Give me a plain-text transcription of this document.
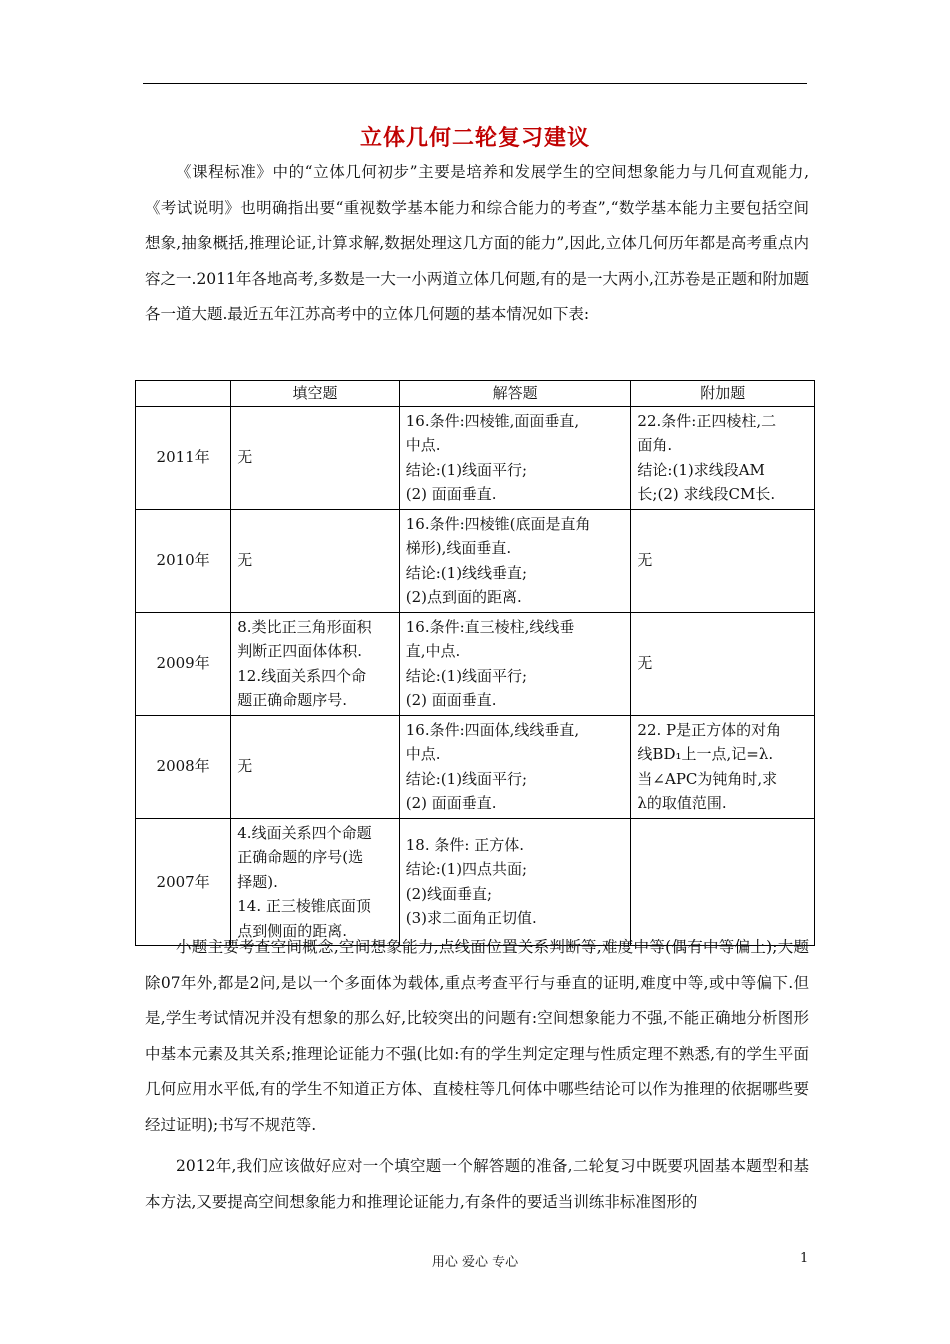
立体几何二轮复习建议

《课程标准》中的“立体几何初步”主要是培养和发展学生的空间想象能力与几何直观能力,《考试说明》也明确指出要“重视数学基本能力和综合能力的考查”,“数学基本能力主要包括空间想象,抽象概括,推理论证,计算求解,数据处理这几方面的能力”,因此,立体几何历年都是高考重点内容之一.2011年各地高考,多数是一大一小两道立体几何题,有的是一大两小,江苏卷是正题和附加题各一道大题.最近五年江苏高考中的立体几何题的基本情况如下表:

	填空题	解答题	附加题
2011年	无	16.条件:四棱锥,面面垂直,
中点.
结论:(1)线面平行;
(2) 面面垂直.	22.条件:正四棱柱,二
面角.
结论:(1)求线段AM
长;(2) 求线段CM长.

2010年	无	16.条件:四棱锥(底面是直角
梯形),线面垂直.
结论:(1)线线垂直;
(2)点到面的距离.	无

2009年	8.类比正三角形面积
判断正四面体体积.
12.线面关系四个命
题正确命题序号.	16.条件:直三棱柱,线线垂
直,中点.
结论:(1)线面平行;
(2) 面面垂直.	无

2008年	无	16.条件:四面体,线线垂直,
中点.
结论:(1)线面平行;
(2) 面面垂直.	22. P是正方体的对角
线BD₁上一点,记=λ.
当∠APC为钝角时,求
λ的取值范围.

2007年	4.线面关系四个命题
正确命题的序号(选
择题).
14. 正三棱锥底面顶
点到侧面的距离.	18. 条件: 正方体.
结论:(1)四点共面;
(2)线面垂直;
(3)求二面角正切值.	

小题主要考查空间概念,空间想象能力,点线面位置关系判断等,难度中等(偶有中等偏上);大题除07年外,都是2问,是以一个多面体为载体,重点考查平行与垂直的证明,难度中等,或中等偏下.但是,学生考试情况并没有想象的那么好,比较突出的问题有:空间想象能力不强,不能正确地分析图形中基本元素及其关系;推理论证能力不强(比如:有的学生判定定理与性质定理不熟悉,有的学生平面几何应用水平低,有的学生不知道正方体、直棱柱等几何体中哪些结论可以作为推理的依据哪些要经过证明);书写不规范等.

2012年,我们应该做好应对一个填空题一个解答题的准备,二轮复习中既要巩固基本题型和基本方法,又要提高空间想象能力和推理论证能力,有条件的要适当训练非标准图形的

用心 爱心 专心	1
